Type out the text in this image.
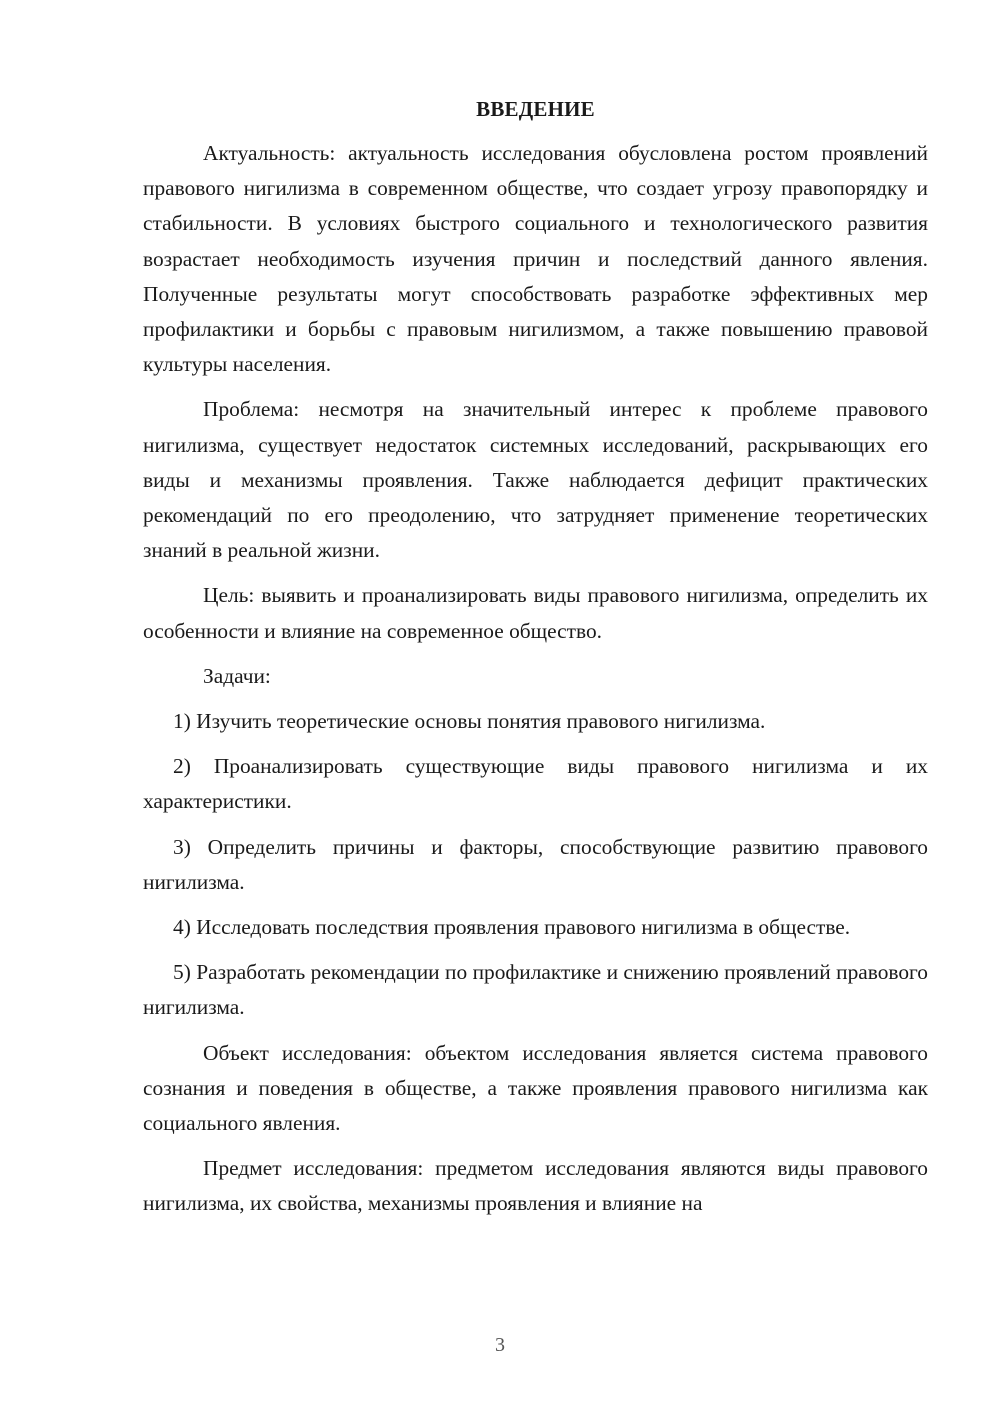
ВВЕДЕНИЕ

Актуальность: актуальность исследования обусловлена ростом проявлений правового нигилизма в современном обществе, что создает угрозу правопорядку и стабильности. В условиях быстрого социального и технологического развития возрастает необходимость изучения причин и последствий данного явления. Полученные результаты могут способствовать разработке эффективных мер профилактики и борьбы с правовым нигилизмом, а также повышению правовой культуры населения.

Проблема: несмотря на значительный интерес к проблеме правового нигилизма, существует недостаток системных исследований, раскрывающих его виды и механизмы проявления. Также наблюдается дефицит практических рекомендаций по его преодолению, что затрудняет применение теоретических знаний в реальной жизни.

Цель: выявить и проанализировать виды правового нигилизма, определить их особенности и влияние на современное общество.

Задачи:

1) Изучить теоретические основы понятия правового нигилизма.

2) Проанализировать существующие виды правового нигилизма и их характеристики.

3) Определить причины и факторы, способствующие развитию правового нигилизма.

4) Исследовать последствия проявления правового нигилизма в обществе.

5) Разработать рекомендации по профилактике и снижению проявлений правового нигилизма.

Объект исследования: объектом исследования является система правового сознания и поведения в обществе, а также проявления правового нигилизма как социального явления.

Предмет исследования: предметом исследования являются виды правового нигилизма, их свойства, механизмы проявления и влияние на

3
